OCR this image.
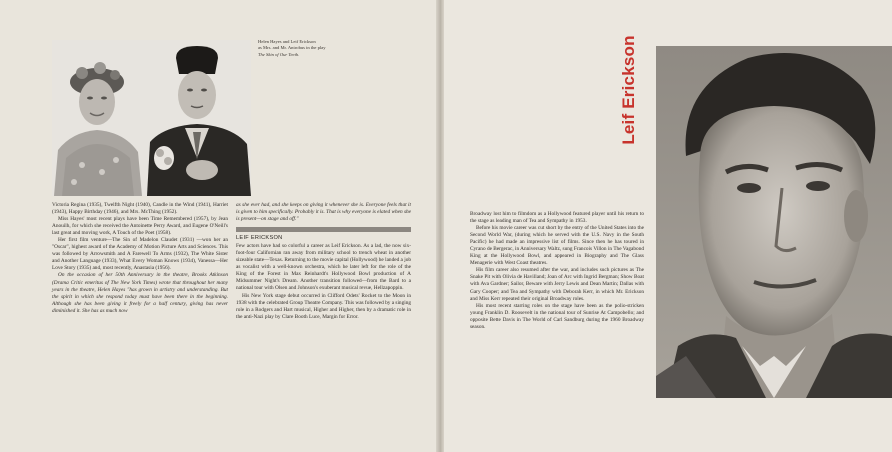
Helen Hayes and Leif Erickson
as Mrs. and Mr. Antrobus in the play
The Skin of Our Teeth.

Victoria Regina (1935), Twelfth Night (1940), Candle in the Wind (1941), Harriet (1943), Happy Birthday (1946), and Mrs. McThing (1952).

Miss Hayes' most recent plays have been Time Remembered (1957), by Jean Anouilh, for which she received the Antoinette Perry Award, and Eugene O'Neill's last great and moving work, A Touch of the Poet (1958).

Her first film venture—The Sin of Madelon Claudet (1931) —won her an "Oscar", highest award of the Academy of Motion Picture Arts and Sciences. This was followed by Arrowsmith and A Farewell To Arms (1932), The White Sister and Another Language (1933), What Every Woman Knows (1934), Vanessa—Her Love Story (1935) and, most recently, Anastasia (1956).

On the occasion of her 50th Anniversary in the theatre, Brooks Atkinson (Drama Critic emeritus of The New York Times) wrote that throughout her many years in the theatre, Helen Hayes "has grown in artistry and understanding. But the spirit in which she respond today must have been there in the beginning. Although she has been giving it freely for a half century, giving has never diminished it. She has as much now

as she ever had, and she keeps on giving it whenever she is. Everyone feels that it is given to him specifically. Probably it is. That is why everyone is elated when she is present—on stage and off."

LEIF ERICKSON

Few actors have had so colorful a career as Leif Erickson. As a lad, the now six-foot-four Californian ran away from military school to trench wheat in another sizeable state—Texas. Returning to the movie capital (Hollywood) he landed a job as vocalist with a well-known orchestra, which he later left for the role of the King of the Forest in Max Reinhardt's Hollywood Bowl production of A Midsummer Night's Dream. Another transition followed—from the Bard to a national tour with Olsen and Johnson's exuberant musical revue, Hellzapoppin.

His New York stage debut occurred in Clifford Odets' Rocket to the Moon in 1938 with the celebrated Group Theatre Company. This was followed by a singing role in a Rodgers and Hart musical, Higher and Higher, then by a dramatic role in the anti-Nazi play by Clare Booth Luce, Margin for Error.

Broadway lost him to filmdom as a Hollywood featured player until his return to the stage as leading man of Tea and Sympathy in 1953.

Before his movie career was cut short by the entry of the United States into the Second World War, (during which he served with the U.S. Navy in the South Pacific) he had made an impressive list of films. Since then he has toured in Cyrano de Bergerac, in Anniversary Waltz, sung Francois Villon in The Vagabond King at the Hollywood Bowl, and appeared in Biography and The Glass Menagerie with West Coast theatres.

His film career also resumed after the war, and includes such pictures as The Snake Pit with Olivia de Havilland; Joan of Arc with Ingrid Bergman; Show Boat with Ava Gardner; Sailor, Beware with Jerry Lewis and Dean Martin; Dallas with Gary Cooper; and Tea and Sympathy with Deborah Kerr, in which Mr. Erickson and Miss Kerr repeated their original Broadway roles.

His most recent starring roles on the stage have been as the polio-stricken young Franklin D. Roosevelt in the national tour of Sunrise At Campobello; and opposite Bette Davis in The World of Carl Sandburg during the 1960 Broadway season.

Leif Erickson
